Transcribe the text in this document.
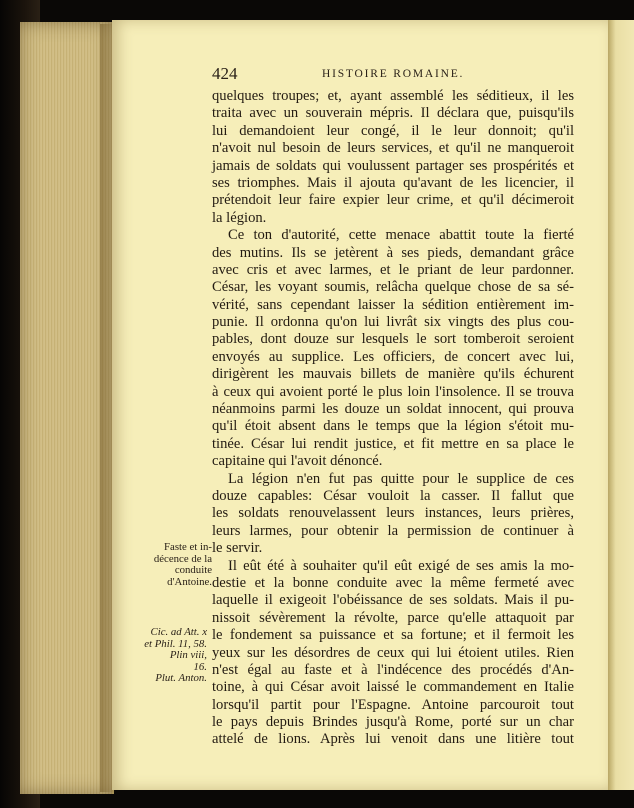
424	HISTOIRE ROMAINE.
quelques troupes; et, ayant assemblé les séditieux, il les
traita avec un souverain mépris. Il déclara que, puisqu'ils
lui demandoient leur congé, il le leur donnoit; qu'il
n'avoit nul besoin de leurs services, et qu'il ne manqueroit
jamais de soldats qui voulussent partager ses prospérités et
ses triomphes. Mais il ajouta qu'avant de les licencier, il
prétendoit leur faire expier leur crime, et qu'il décimeroit
la légion.
Ce ton d'autorité, cette menace abattit toute la fierté
des mutins. Ils se jetèrent à ses pieds, demandant grâce
avec cris et avec larmes, et le priant de leur pardonner.
César, les voyant soumis, relâcha quelque chose de sa sé-
vérité, sans cependant laisser la sédition entièrement im-
punie. Il ordonna qu'on lui livrât six vingts des plus cou-
pables, dont douze sur lesquels le sort tomberoit seroient
envoyés au supplice. Les officiers, de concert avec lui,
dirigèrent les mauvais billets de manière qu'ils échurent
à ceux qui avoient porté le plus loin l'insolence. Il se trouva
néanmoins parmi les douze un soldat innocent, qui prouva
qu'il étoit absent dans le temps que la légion s'étoit mu-
tinée. César lui rendit justice, et fit mettre en sa place le
capitaine qui l'avoit dénoncé.
La légion n'en fut pas quitte pour le supplice de ces
douze capables: César vouloit la casser. Il fallut que
les soldats renouvelassent leurs instances, leurs prières,
leurs larmes, pour obtenir la permission de continuer à
le servir.
Il eût été à souhaiter qu'il eût exigé de ses amis la mo-
destie et la bonne conduite avec la même fermeté avec
laquelle il exigeoit l'obéissance de ses soldats. Mais il pu-
nissoit sévèrement la révolte, parce qu'elle attaquoit par
le fondement sa puissance et sa fortune; et il fermoit les
yeux sur les désordres de ceux qui lui étoient utiles. Rien
n'est égal au faste et à l'indécence des procédés d'An-
toine, à qui César avoit laissé le commandement en Italie
lorsqu'il partit pour l'Espagne. Antoine parcouroit tout
le pays depuis Brindes jusqu'à Rome, porté sur un char
attelé de lions. Après lui venoit dans une litière tout
Faste et in-
décence de la
conduite
d'Antoine.
Cic. ad Att. x
et Phil. 11, 58.
Plin viii,
16.
Plut. Anton.
